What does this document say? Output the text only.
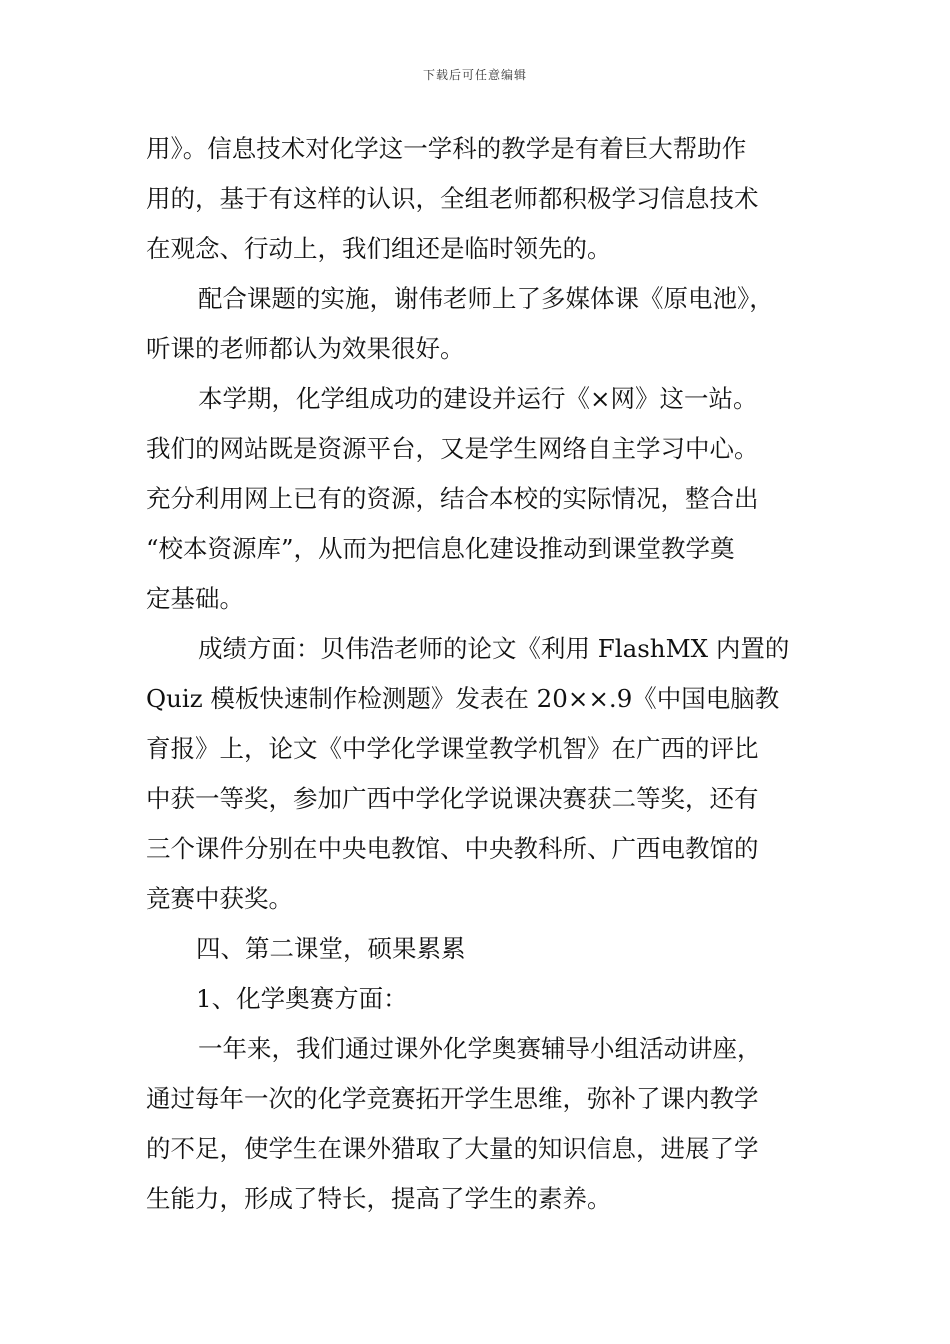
下载后可任意编辑
用》。信息技术对化学这一学科的教学是有着巨大帮助作
用的，基于有这样的认识，全组老师都积极学习信息技术
在观念、行动上，我们组还是临时领先的。
配合课题的实施，谢伟老师上了多媒体课《原电池》，
听课的老师都认为效果很好。
本学期，化学组成功的建设并运行《×网》这一站。
我们的网站既是资源平台，又是学生网络自主学习中心。
充分利用网上已有的资源，结合本校的实际情况，整合出
“校本资源库”，从而为把信息化建设推动到课堂教学奠
定基础。
成绩方面：贝伟浩老师的论文《利用 FlashMX 内置的
Quiz 模板快速制作检测题》发表在 20××.9《中国电脑教
育报》上，论文《中学化学课堂教学机智》在广西的评比
中获一等奖，参加广西中学化学说课决赛获二等奖，还有
三个课件分别在中央电教馆、中央教科所、广西电教馆的
竞赛中获奖。
四、第二课堂，硕果累累
1、化学奥赛方面：
一年来，我们通过课外化学奥赛辅导小组活动讲座，
通过每年一次的化学竞赛拓开学生思维，弥补了课内教学
的不足，使学生在课外猎取了大量的知识信息，进展了学
生能力，形成了特长，提高了学生的素养。
